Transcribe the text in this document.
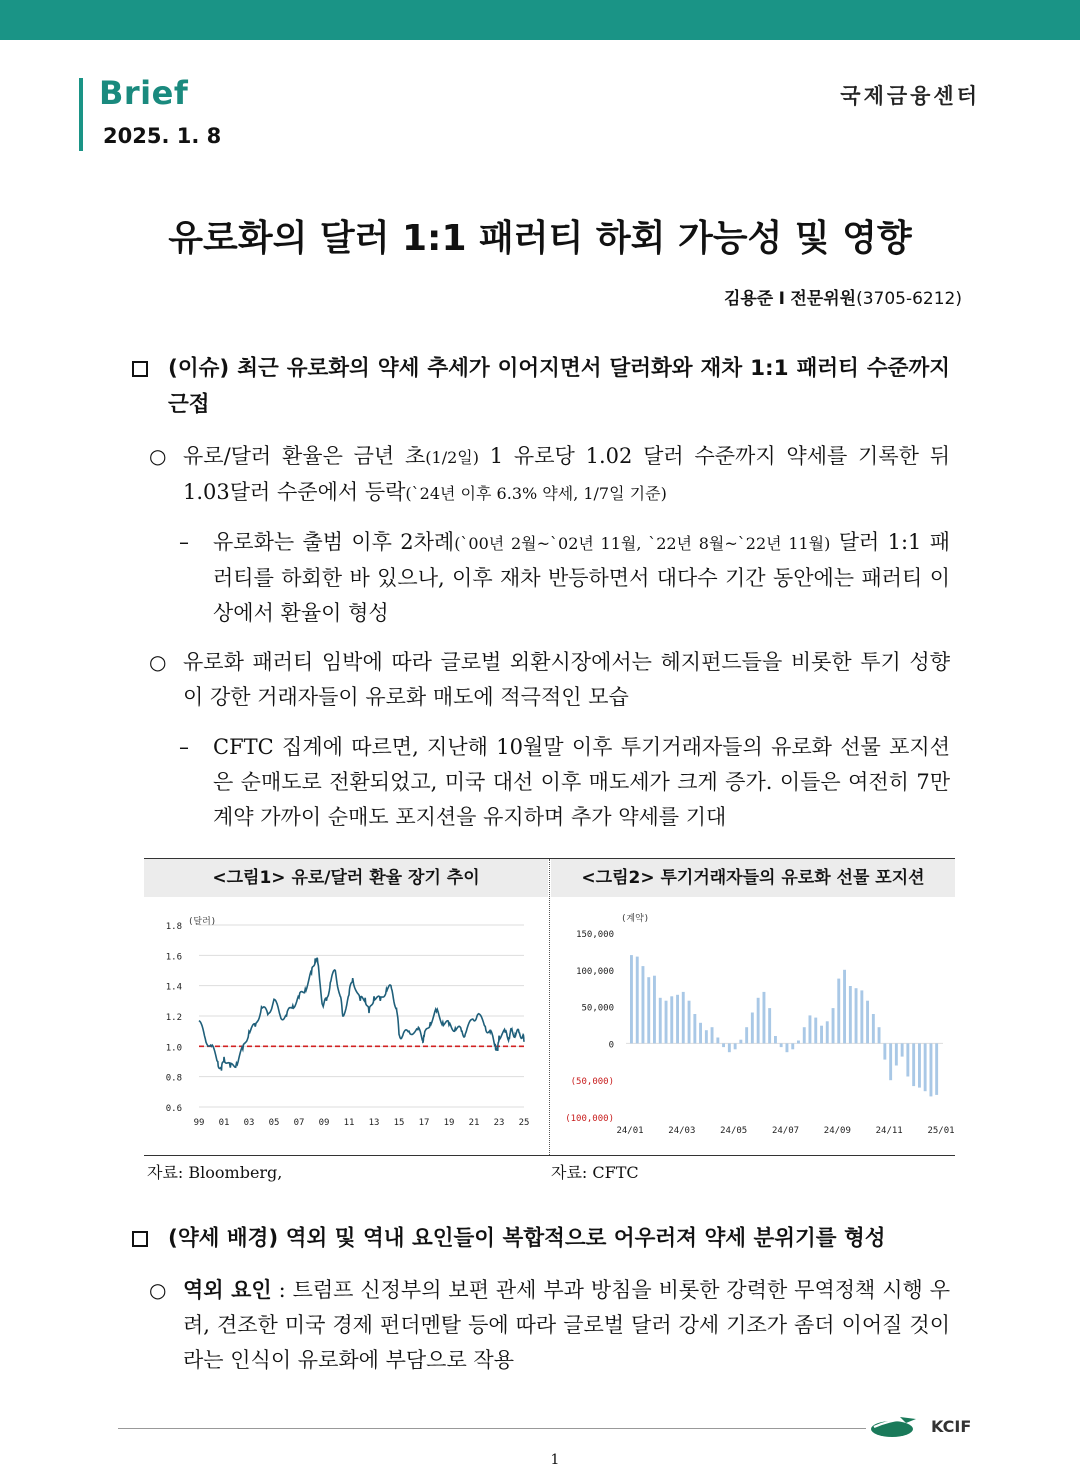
Brief
2025. 1. 8
국제금융센터
유로화의 달러 1:1 패러티 하회 가능성 및 영향
김용준 I 전문위원(3705-6212)
(이슈) 최근 유로화의 약세 추세가 이어지면서 달러화와 재차 1:1 패러티 수준까지 근접
○ 유로/달러 환율은 금년 초(1/2일) 1 유로당 1.02 달러 수준까지 약세를 기록한 뒤 1.03달러 수준에서 등락(`24년 이후 6.3% 약세, 1/7일 기준)
– 유로화는 출범 이후 2차례(`00년 2월~`02년 11월, `22년 8월~`22년 11월) 달러 1:1 패러티를 하회한 바 있으나, 이후 재차 반등하면서 대다수 기간 동안에는 패러티 이상에서 환율이 형성
○ 유로화 패러티 임박에 따라 글로벌 외환시장에서는 헤지펀드들을 비롯한 투기 성향이 강한 거래자들이 유로화 매도에 적극적인 모습
– CFTC 집계에 따르면, 지난해 10월말 이후 투기거래자들의 유로화 선물 포지션은 순매도로 전환되었고, 미국 대선 이후 매도세가 크게 증가. 이들은 여전히 7만 계약 가까이 순매도 포지션을 유지하며 추가 약세를 기대
<그림1> 유로/달러 환율 장기 추이	<그림2> 투기거래자들의 유로화 선물 포지션
1.8
1.6
1.4
1.2
1.0
0.8
0.6
(달러)
99 01 03 05 07 09 11 13 15 17 19 21 23 25
150,000
100,000
50,000
0
(50,000)
(100,000)
(계약)
24/01	24/03	24/05	24/07	24/09	24/11	25/01
자료: Bloomberg,	자료: CFTC
(약세 배경) 역외 및 역내 요인들이 복합적으로 어우러져 약세 분위기를 형성
○ 역외 요인 : 트럼프 신정부의 보편 관세 부과 방침을 비롯한 강력한 무역정책 시행 우려, 견조한 미국 경제 펀더멘탈 등에 따라 글로벌 달러 강세 기조가 좀더 이어질 것이라는 인식이 유로화에 부담으로 작용
KCIF
1
